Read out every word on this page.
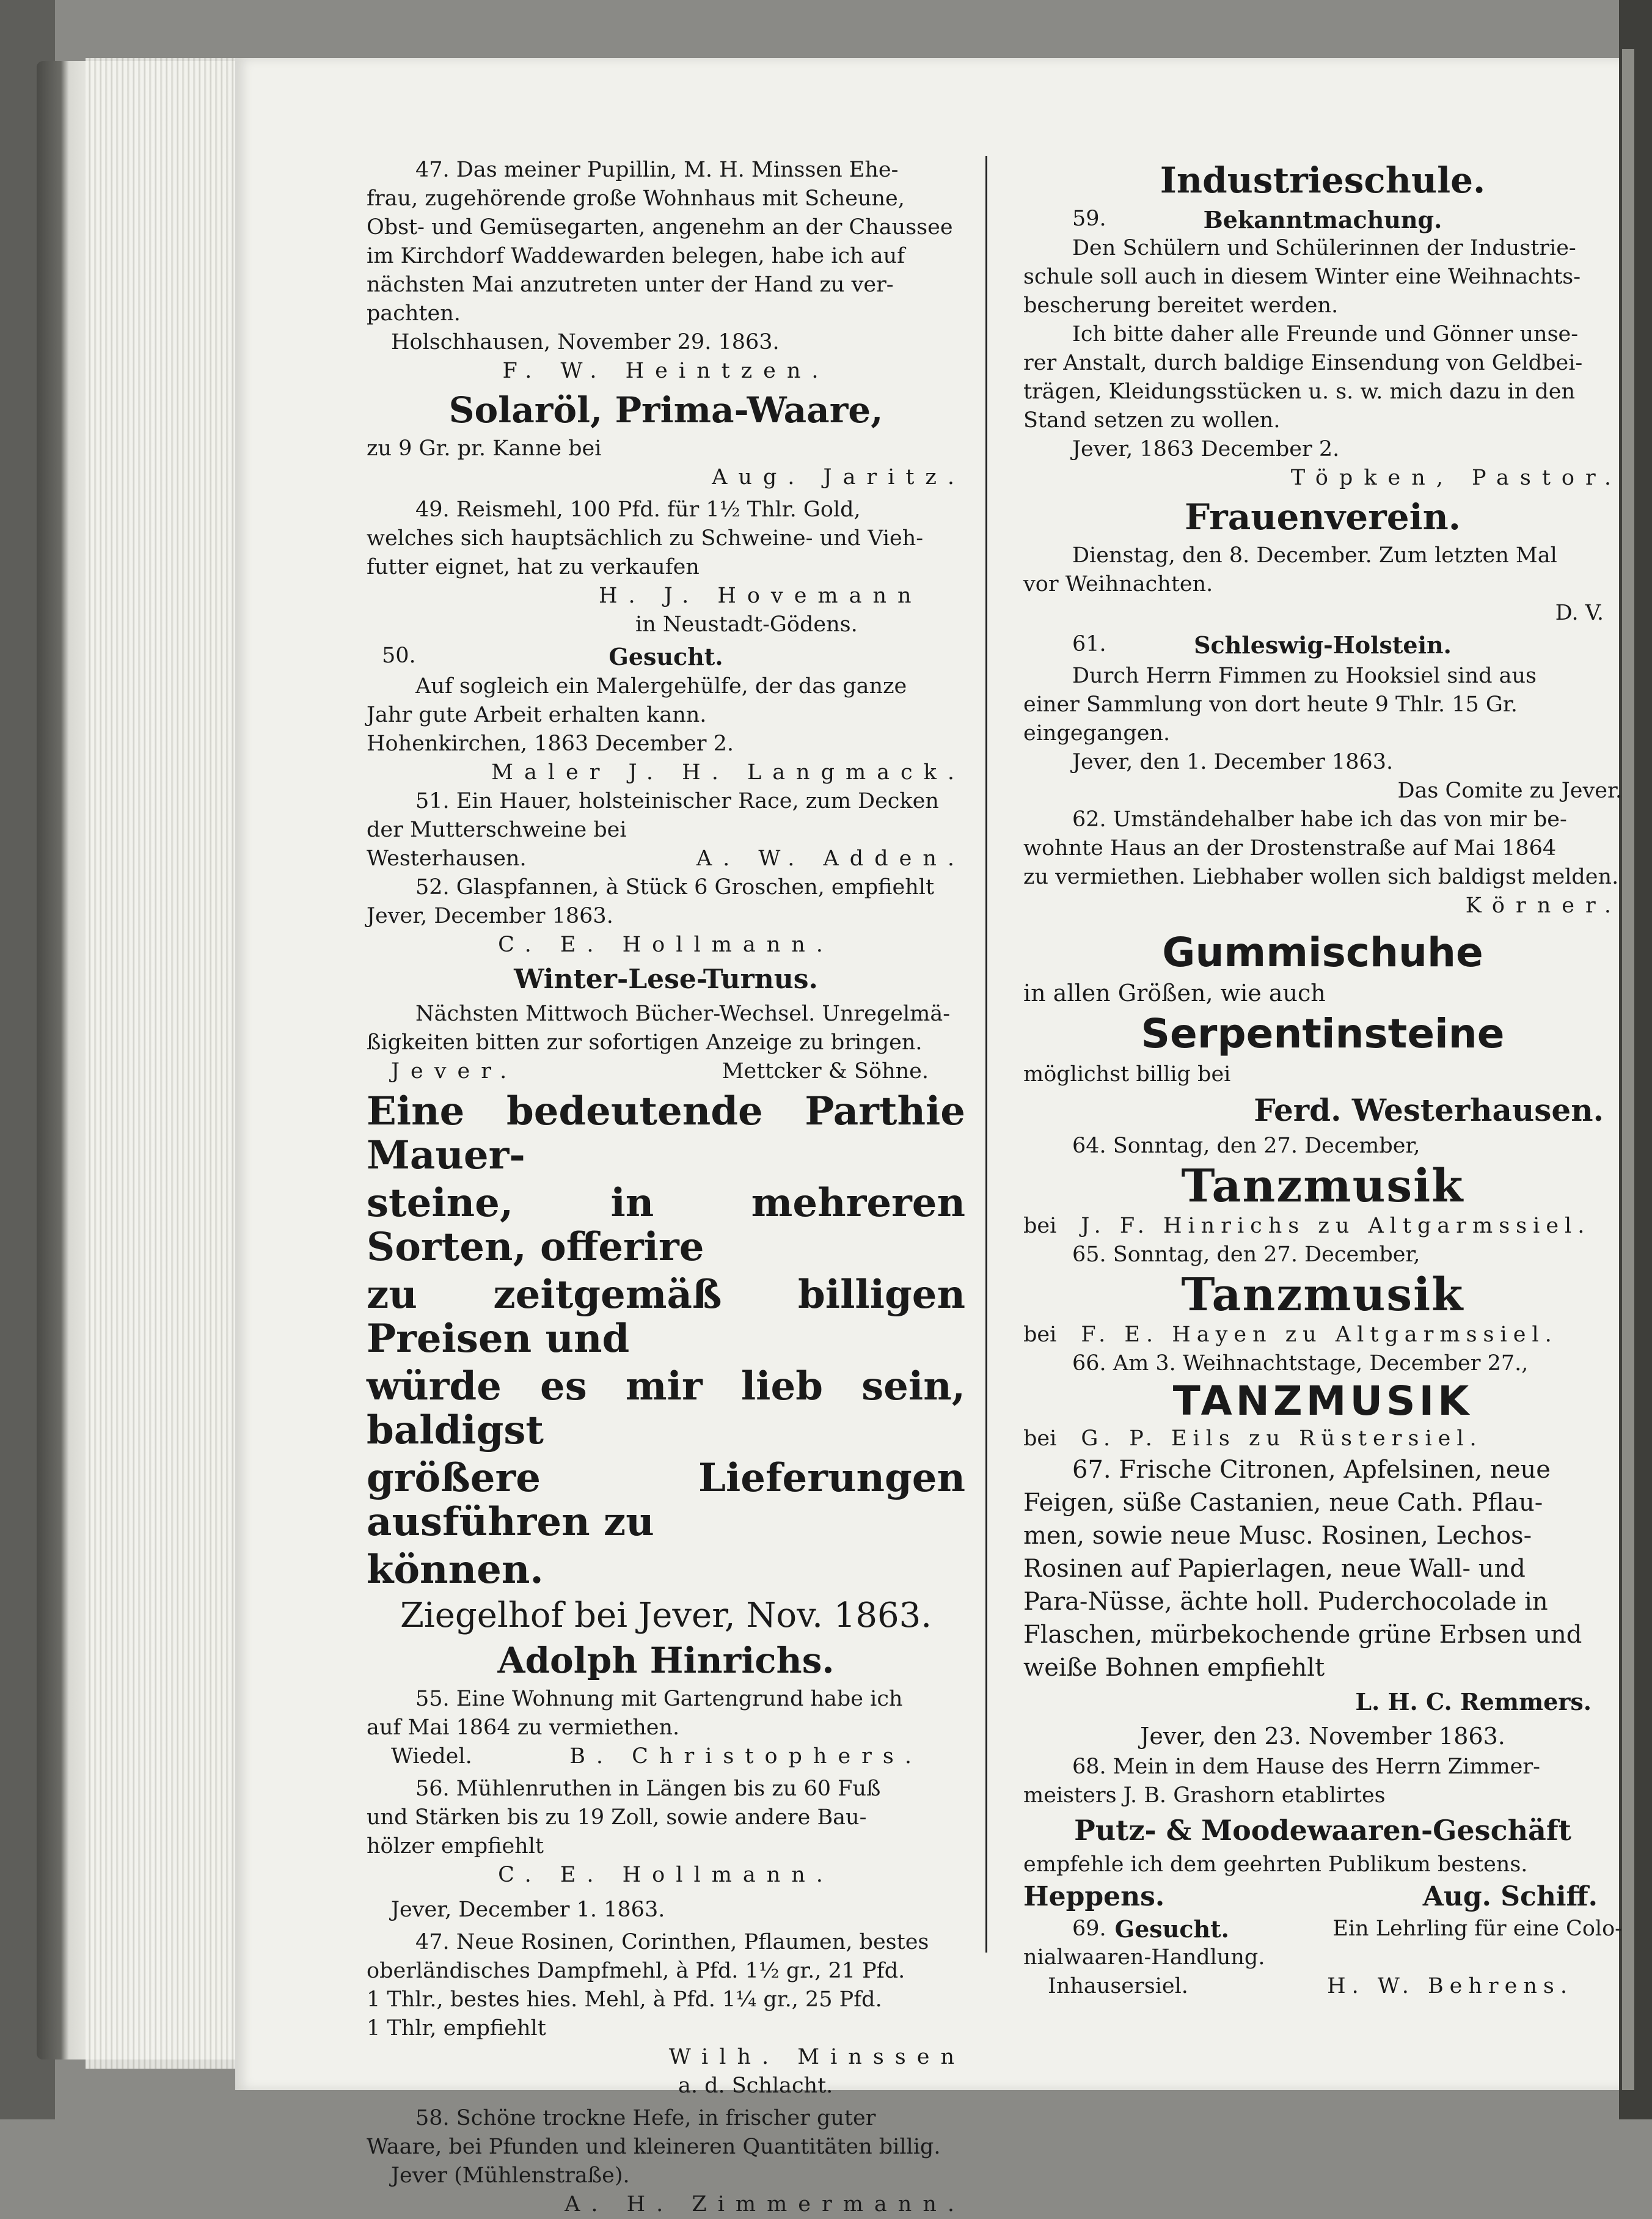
47. Das meiner Pupillin, M. H. Minssen Ehe-
frau, zugehörende große Wohnhaus mit Scheune,
Obst- und Gemüsegarten, angenehm an der Chaussee
im Kirchdorf Waddewarden belegen, habe ich auf
nächsten Mai anzutreten unter der Hand zu ver-
pachten.
Holschhausen, November 29. 1863.
F. W. Heintzen.
Solaröl, Prima-Waare,
zu 9 Gr. pr. Kanne bei
Aug. Jaritz.
49. Reismehl, 100 Pfd. für 1½ Thlr. Gold,
welches sich hauptsächlich zu Schweine- und Vieh-
futter eignet, hat zu verkaufen
H. J. Hovemann
in Neustadt-Gödens.
50.	Gesucht.
Auf sogleich ein Malergehülfe, der das ganze
Jahr gute Arbeit erhalten kann.
Hohenkirchen, 1863 December 2.
Maler J. H. Langmack.
51. Ein Hauer, holsteinischer Race, zum Decken
der Mutterschweine bei
Westerhausen.	A. W. Adden.
52. Glaspfannen, à Stück 6 Groschen, empfiehlt
Jever, December 1863.
C. E. Hollmann.
Winter-Lese-Turnus.
Nächsten Mittwoch Bücher-Wechsel. Unregelmä-
ßigkeiten bitten zur sofortigen Anzeige zu bringen.
Jever.	Mettcker & Söhne.
Eine bedeutende Parthie Mauer-
steine, in mehreren Sorten, offerire
zu zeitgemäß billigen Preisen und
würde es mir lieb sein, baldigst
größere Lieferungen ausführen zu
können.
Ziegelhof bei Jever, Nov. 1863.
Adolph Hinrichs.
55. Eine Wohnung mit Gartengrund habe ich
auf Mai 1864 zu vermiethen.
Wiedel.	B. Christophers.
56. Mühlenruthen in Längen bis zu 60 Fuß
und Stärken bis zu 19 Zoll, sowie andere Bau-
hölzer empfiehlt
C. E. Hollmann.
Jever, December 1. 1863.
47. Neue Rosinen, Corinthen, Pflaumen, bestes
oberländisches Dampfmehl, à Pfd. 1½ gr., 21 Pfd.
1 Thlr., bestes hies. Mehl, à Pfd. 1¼ gr., 25 Pfd.
1 Thlr, empfiehlt
Wilh. Minssen
a. d. Schlacht.
58. Schöne trockne Hefe, in frischer guter
Waare, bei Pfunden und kleineren Quantitäten billig.
Jever (Mühlenstraße).
A. H. Zimmermann.
Industrieschule.
59.	Bekanntmachung.
Den Schülern und Schülerinnen der Industrie-
schule soll auch in diesem Winter eine Weihnachts-
bescherung bereitet werden.
Ich bitte daher alle Freunde und Gönner unse-
rer Anstalt, durch baldige Einsendung von Geldbei-
trägen, Kleidungsstücken u. s. w. mich dazu in den
Stand setzen zu wollen.
Jever, 1863 December 2.
Töpken, Pastor.
Frauenverein.
Dienstag, den 8. December. Zum letzten Mal
vor Weihnachten.
D. V.
61.	Schleswig-Holstein.
Durch Herrn Fimmen zu Hooksiel sind aus
einer Sammlung von dort heute 9 Thlr. 15 Gr.
eingegangen.
Jever, den 1. December 1863.
Das Comite zu Jever.
62. Umständehalber habe ich das von mir be-
wohnte Haus an der Drostenstraße auf Mai 1864
zu vermiethen. Liebhaber wollen sich baldigst melden.
Körner.
Gummischuhe
in allen Größen, wie auch
Serpentinsteine
möglichst billig bei
Ferd. Westerhausen.
64. Sonntag, den 27. December,
Tanzmusik
bei J. F. Hinrichs zu Altgarmssiel.
65. Sonntag, den 27. December,
Tanzmusik
bei F. E. Hayen zu Altgarmssiel.
66. Am 3. Weihnachtstage, December 27.,
TANZMUSIK
bei G. P. Eils zu Rüstersiel.
67. Frische Citronen, Apfelsinen, neue
Feigen, süße Castanien, neue Cath. Pflau-
men, sowie neue Musc. Rosinen, Lechos-
Rosinen auf Papierlagen, neue Wall- und
Para-Nüsse, ächte holl. Puderchocolade in
Flaschen, mürbekochende grüne Erbsen und
weiße Bohnen empfiehlt
L. H. C. Remmers.
Jever, den 23. November 1863.
68. Mein in dem Hause des Herrn Zimmer-
meisters J. B. Grashorn etablirtes
Putz- & Moodewaaren-Geschäft
empfehle ich dem geehrten Publikum bestens.
Heppens.	Aug. Schiff.
69. Gesucht.	Ein Lehrling für eine Colo-
nialwaaren-Handlung.
Inhausersiel.	H. W. Behrens.
